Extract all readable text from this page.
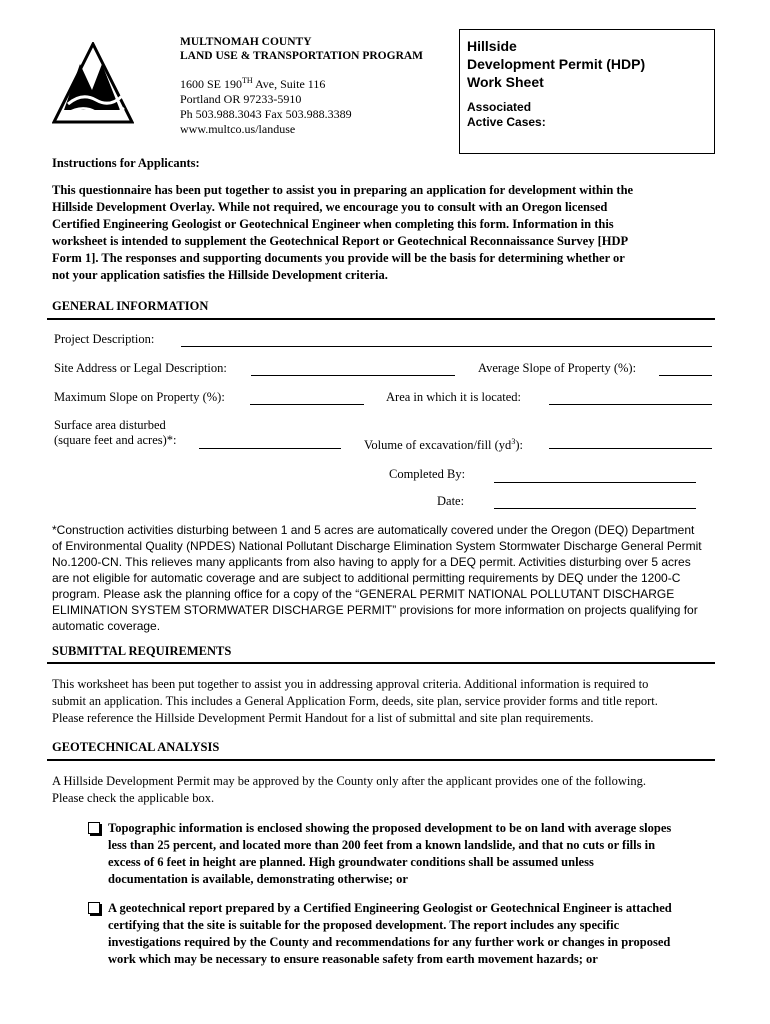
MULTNOMAH COUNTY
LAND USE & TRANSPORTATION PROGRAM
1600 SE 190TH Ave, Suite 116
Portland OR 97233-5910
Ph 503.988.3043 Fax 503.988.3389
www.multco.us/landuse
Hillside
Development Permit (HDP)
Work Sheet
Associated
Active Cases:
Instructions for Applicants:
This questionnaire has been put together to assist you in preparing an application for development within the
Hillside Development Overlay. While not required, we encourage you to consult with an Oregon licensed
Certified Engineering Geologist or Geotechnical Engineer when completing this form. Information in this
worksheet is intended to supplement the Geotechnical Report or Geotechnical Reconnaissance Survey [HDP
Form 1]. The responses and supporting documents you provide will be the basis for determining whether or
not your application satisfies the Hillside Development criteria.
GENERAL INFORMATION
Project Description:
Site Address or Legal Description:	Average Slope of Property (%):
Maximum Slope on Property (%):	Area in which it is located:
Surface area disturbed
(square feet and acres)*:	Volume of excavation/fill $(yd^3)$:
Completed By:
Date:
*Construction activities disturbing between 1 and 5 acres are automatically covered under the Oregon (DEQ) Department
of Environmental Quality (NPDES) National Pollutant Discharge Elimination System Stormwater Discharge General Permit
No.1200-CN. This relieves many applicants from also having to apply for a DEQ permit. Activities disturbing over 5 acres
are not eligible for automatic coverage and are subject to additional permitting requirements by DEQ under the 1200-C
program. Please ask the planning office for a copy of the “GENERAL PERMIT NATIONAL POLLUTANT DISCHARGE
ELIMINATION SYSTEM STORMWATER DISCHARGE PERMIT” provisions for more information on projects qualifying for
automatic coverage.
SUBMITTAL REQUIREMENTS
This worksheet has been put together to assist you in addressing approval criteria. Additional information is required to
submit an application. This includes a General Application Form, deeds, site plan, service provider forms and title report.
Please reference the Hillside Development Permit Handout for a list of submittal and site plan requirements.
GEOTECHNICAL ANALYSIS
A Hillside Development Permit may be approved by the County only after the applicant provides one of the following.
Please check the applicable box.
Topographic information is enclosed showing the proposed development to be on land with average slopes
less than 25 percent, and located more than 200 feet from a known landslide, and that no cuts or fills in
excess of 6 feet in height are planned. High groundwater conditions shall be assumed unless
documentation is available, demonstrating otherwise; or
A geotechnical report prepared by a Certified Engineering Geologist or Geotechnical Engineer is attached
certifying that the site is suitable for the proposed development. The report includes any specific
investigations required by the County and recommendations for any further work or changes in proposed
work which may be necessary to ensure reasonable safety from earth movement hazards; or
